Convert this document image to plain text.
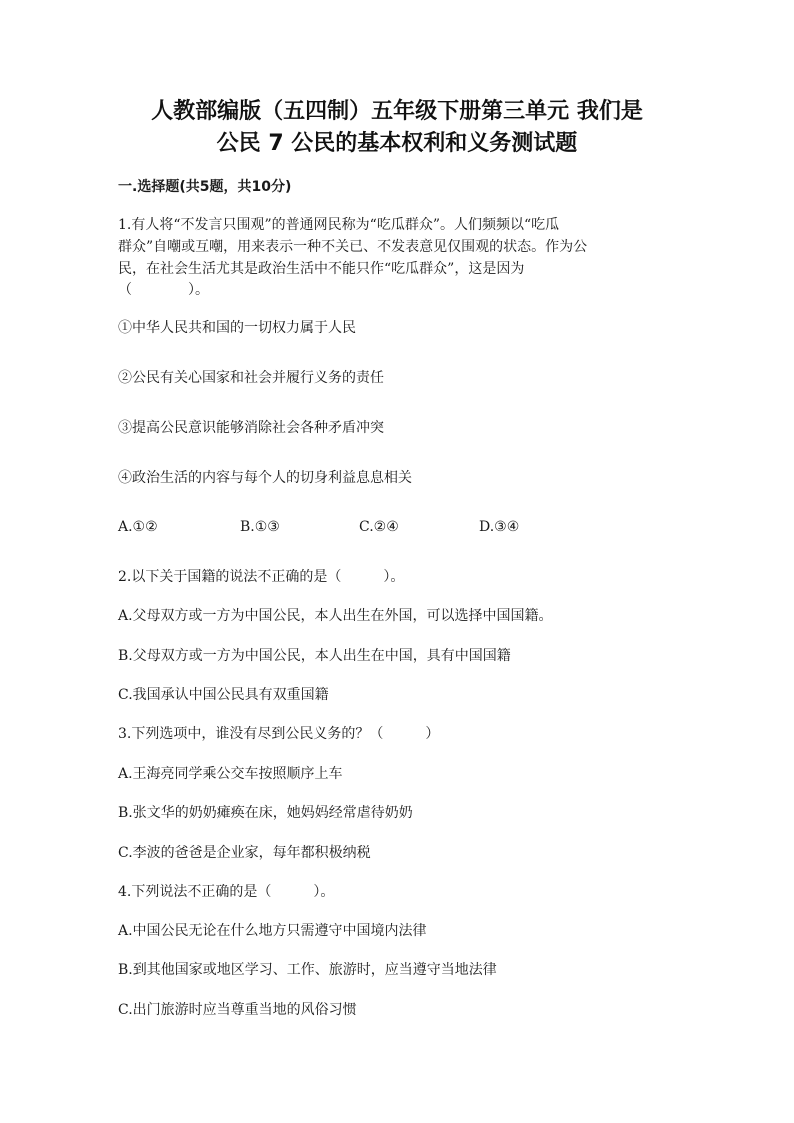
人教部编版（五四制）五年级下册第三单元 我们是
公民 7 公民的基本权利和义务测试题
一.选择题(共5题，共10分)
1.有人将“不发言只围观”的普通网民称为“吃瓜群众”。人们频频以“吃瓜
群众”自嘲或互嘲，用来表示一种不关已、不发表意见仅围观的状态。作为公
民，在社会生活尤其是政治生活中不能只作“吃瓜群众”，这是因为
（　　　　）。
①中华人民共和国的一切权力属于人民
②公民有关心国家和社会并履行义务的责任
③提高公民意识能够消除社会各种矛盾冲突
④政治生活的内容与每个人的切身利益息息相关
A.①②	B.①③	C.②④	D.③④
2.以下关于国籍的说法不正确的是（　　　）。
A.父母双方或一方为中国公民，本人出生在外国，可以选择中国国籍。
B.父母双方或一方为中国公民，本人出生在中国，具有中国国籍
C.我国承认中国公民具有双重国籍
3.下列选项中，谁没有尽到公民义务的？（　　　）
A.王海亮同学乘公交车按照顺序上车
B.张文华的奶奶瘫痪在床，她妈妈经常虐待奶奶
C.李波的爸爸是企业家，每年都积极纳税
4.下列说法不正确的是（　　　）。
A.中国公民无论在什么地方只需遵守中国境内法律
B.到其他国家或地区学习、工作、旅游时，应当遵守当地法律
C.出门旅游时应当尊重当地的风俗习惯
